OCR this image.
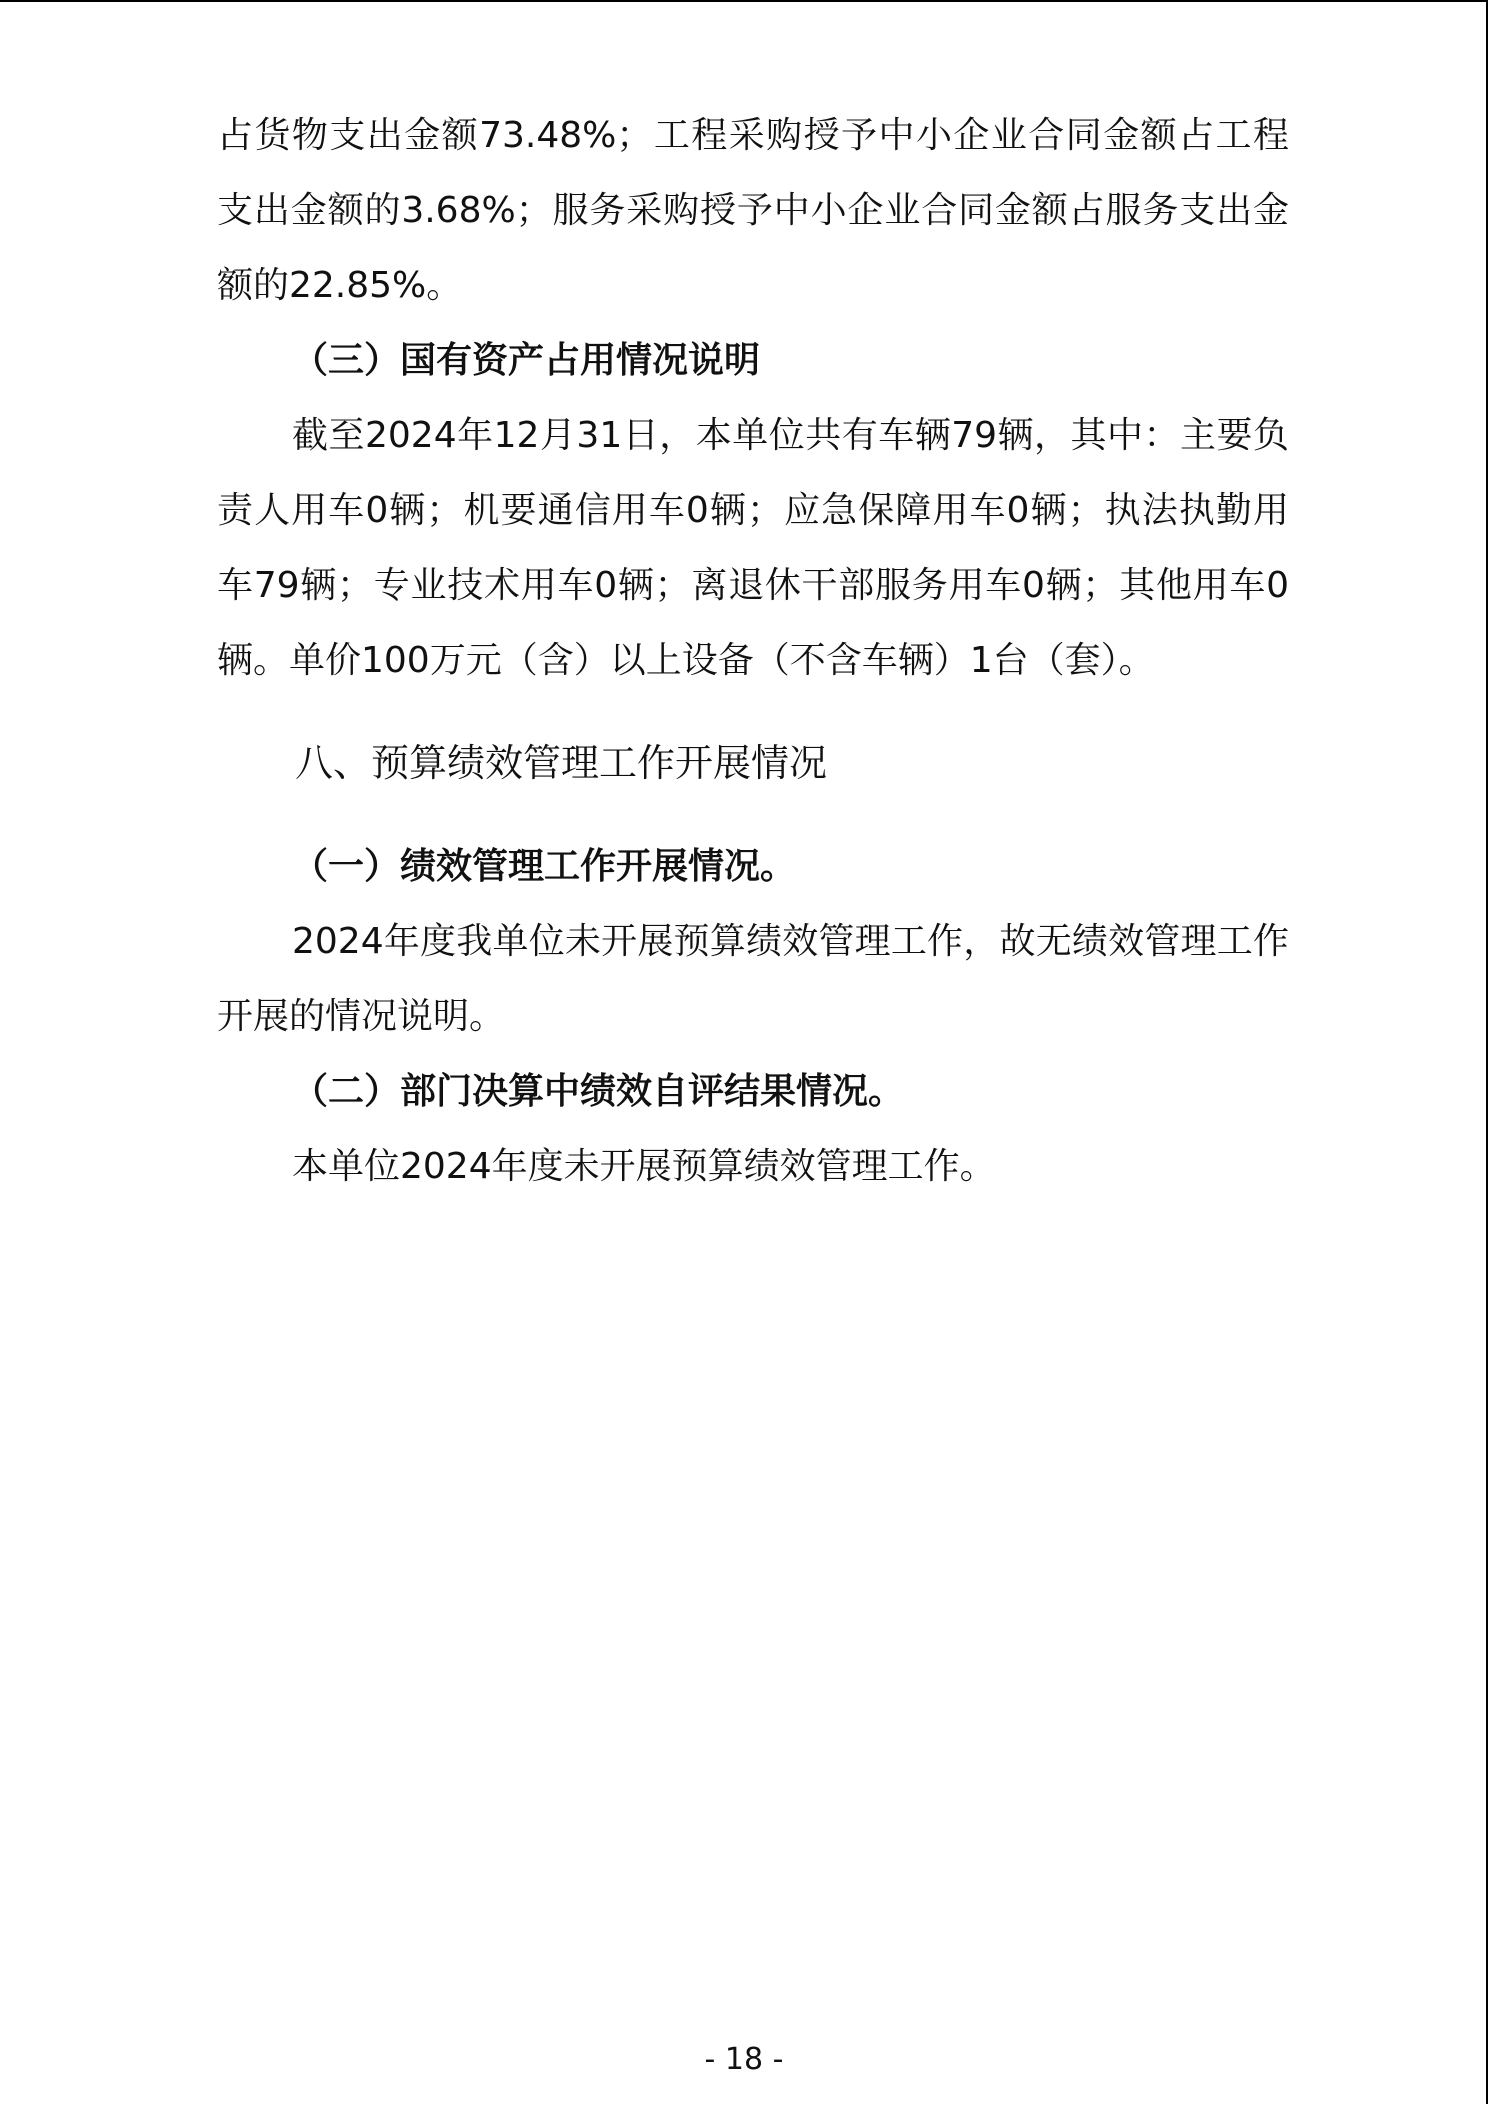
占货物支出金额73.48%；工程采购授予中小企业合同金额占工程支出金额的3.68%；服务采购授予中小企业合同金额占服务支出金额的22.85%。

（三）国有资产占用情况说明

截至2024年12月31日，本单位共有车辆79辆，其中：主要负责人用车0辆；机要通信用车0辆；应急保障用车0辆；执法执勤用车79辆；专业技术用车0辆；离退休干部服务用车0辆；其他用车0辆。单价100万元（含）以上设备（不含车辆）1台（套）。

八、预算绩效管理工作开展情况

（一）绩效管理工作开展情况。

2024年度我单位未开展预算绩效管理工作，故无绩效管理工作开展的情况说明。

（二）部门决算中绩效自评结果情况。

本单位2024年度未开展预算绩效管理工作。

- 18 -
